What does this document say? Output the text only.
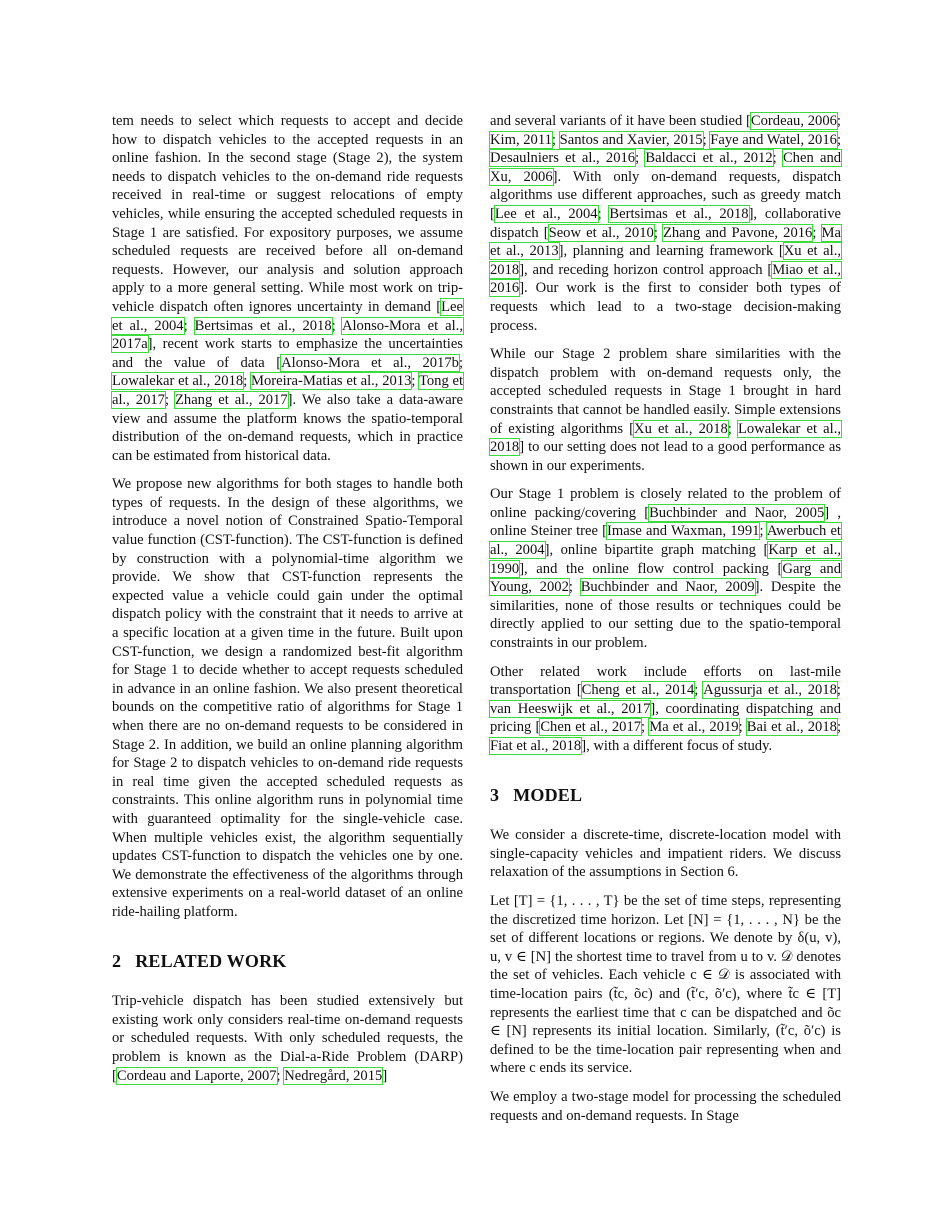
tem needs to select which requests to accept and decide how to dispatch vehicles to the accepted requests in an online fashion. In the second stage (Stage 2), the system needs to dispatch vehicles to the on-demand ride requests received in real-time or suggest relocations of empty vehicles, while ensuring the accepted scheduled requests in Stage 1 are satisfied. For expository purposes, we assume scheduled requests are received before all on-demand requests. However, our analysis and solution approach apply to a more general setting. While most work on trip-vehicle dispatch often ignores uncertainty in demand [Lee et al., 2004; Bertsimas et al., 2018; Alonso-Mora et al., 2017a], recent work starts to emphasize the uncertainties and the value of data [Alonso-Mora et al., 2017b; Lowalekar et al., 2018; Moreira-Matias et al., 2013; Tong et al., 2017; Zhang et al., 2017]. We also take a data-aware view and assume the platform knows the spatio-temporal distribution of the on-demand requests, which in practice can be estimated from historical data.

We propose new algorithms for both stages to handle both types of requests. In the design of these algorithms, we introduce a novel notion of Constrained Spatio-Temporal value function (CST-function). The CST-function is defined by construction with a polynomial-time algorithm we provide. We show that CST-function represents the expected value a vehicle could gain under the optimal dispatch policy with the constraint that it needs to arrive at a specific location at a given time in the future. Built upon CST-function, we design a randomized best-fit algorithm for Stage 1 to decide whether to accept requests scheduled in advance in an online fashion. We also present theoretical bounds on the competitive ratio of algorithms for Stage 1 when there are no on-demand requests to be considered in Stage 2. In addition, we build an online planning algorithm for Stage 2 to dispatch vehicles to on-demand ride requests in real time given the accepted scheduled requests as constraints. This online algorithm runs in polynomial time with guaranteed optimality for the single-vehicle case. When multiple vehicles exist, the algorithm sequentially updates CST-function to dispatch the vehicles one by one. We demonstrate the effectiveness of the algorithms through extensive experiments on a real-world dataset of an online ride-hailing platform.

2 RELATED WORK

Trip-vehicle dispatch has been studied extensively but existing work only considers real-time on-demand requests or scheduled requests. With only scheduled requests, the problem is known as the Dial-a-Ride Problem (DARP) [Cordeau and Laporte, 2007; Nedregård, 2015]

and several variants of it have been studied [Cordeau, 2006; Kim, 2011; Santos and Xavier, 2015; Faye and Watel, 2016; Desaulniers et al., 2016; Baldacci et al., 2012; Chen and Xu, 2006]. With only on-demand requests, dispatch algorithms use different approaches, such as greedy match [Lee et al., 2004; Bertsimas et al., 2018], collaborative dispatch [Seow et al., 2010; Zhang and Pavone, 2016; Ma et al., 2013], planning and learning framework [Xu et al., 2018], and receding horizon control approach [Miao et al., 2016]. Our work is the first to consider both types of requests which lead to a two-stage decision-making process.

While our Stage 2 problem share similarities with the dispatch problem with on-demand requests only, the accepted scheduled requests in Stage 1 brought in hard constraints that cannot be handled easily. Simple extensions of existing algorithms [Xu et al., 2018; Lowalekar et al., 2018] to our setting does not lead to a good performance as shown in our experiments.

Our Stage 1 problem is closely related to the problem of online packing/covering [Buchbinder and Naor, 2005] , online Steiner tree [Imase and Waxman, 1991; Awerbuch et al., 2004], online bipartite graph matching [Karp et al., 1990], and the online flow control packing [Garg and Young, 2002; Buchbinder and Naor, 2009]. Despite the similarities, none of those results or techniques could be directly applied to our setting due to the spatio-temporal constraints in our problem.

Other related work include efforts on last-mile transportation [Cheng et al., 2014; Agussurja et al., 2018; van Heeswijk et al., 2017], coordinating dispatching and pricing [Chen et al., 2017; Ma et al., 2019; Bai et al., 2018; Fiat et al., 2018], with a different focus of study.

3 MODEL

We consider a discrete-time, discrete-location model with single-capacity vehicles and impatient riders. We discuss relaxation of the assumptions in Section 6.

Let [T] = {1, . . . , T} be the set of time steps, representing the discretized time horizon. Let [N] = {1, . . . , N} be the set of different locations or regions. We denote by δ(u, v), u, v ∈ [N] the shortest time to travel from u to v. 𝒟 denotes the set of vehicles. Each vehicle c ∈ 𝒟 is associated with time-location pairs (t̃c, õc) and (t̃′c, õ′c), where t̃c ∈ [T] represents the earliest time that c can be dispatched and õc ∈ [N] represents its initial location. Similarly, (t̃′c, õ′c) is defined to be the time-location pair representing when and where c ends its service.

We employ a two-stage model for processing the scheduled requests and on-demand requests. In Stage
